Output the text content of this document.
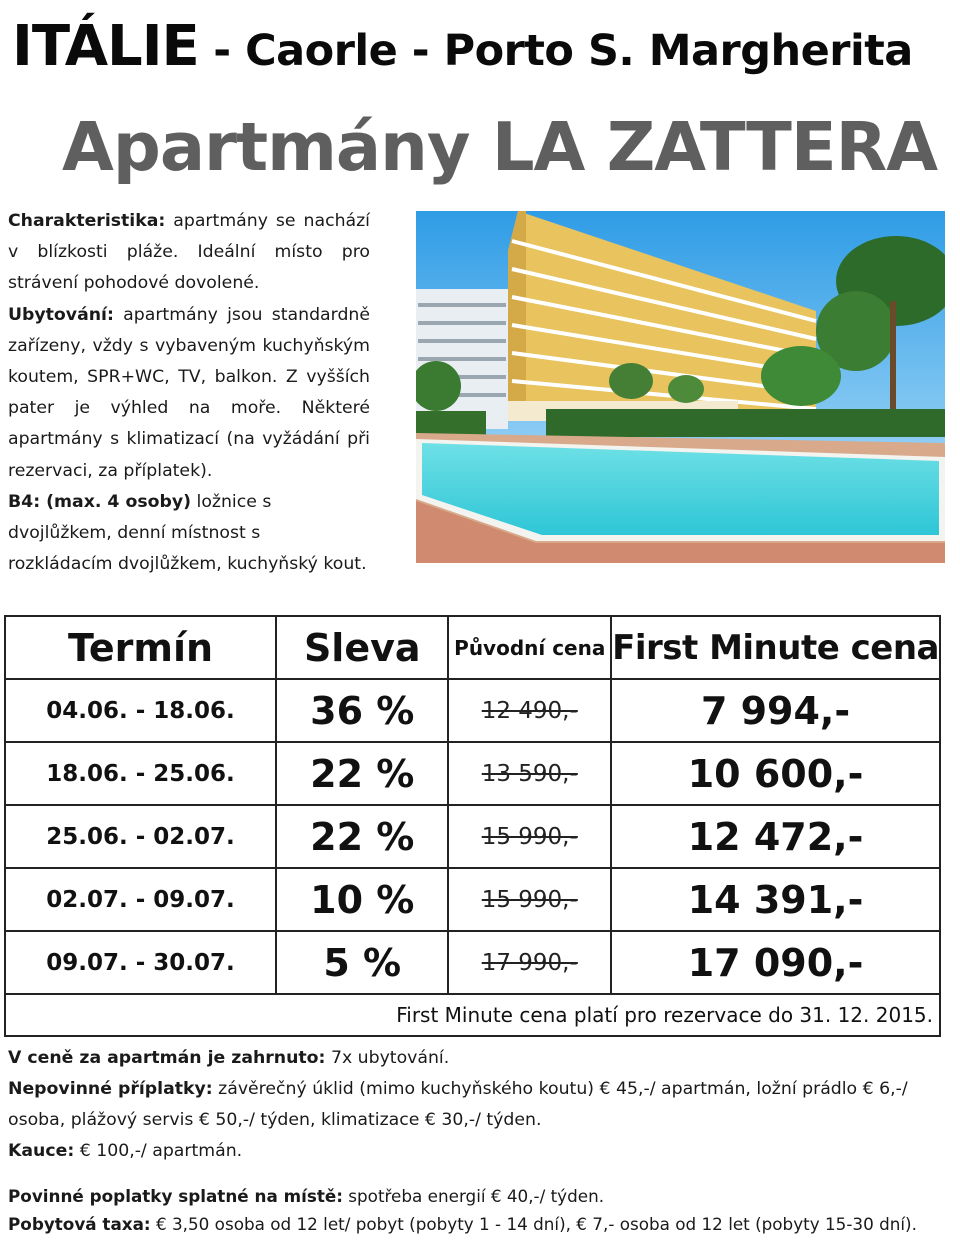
ITÁLIE - Caorle - Porto S. Margherita
Apartmány LA ZATTERA

Charakteristika: apartmány se nachází v blízkosti pláže. Ideální místo pro strávení pohodové dovolené.

Ubytování: apartmány jsou standardně zařízeny, vždy s vybaveným kuchyňským koutem, SPR+WC, TV, balkon. Z vyšších pater je výhled na moře. Některé apartmány s klimatizací (na vyžádání při rezervaci, za příplatek).

B4: (max. 4 osoby) ložnice s dvojlůžkem, denní místnost s rozkládacím dvojlůžkem, kuchyňský kout.

Termín	Sleva	Původní cena	First Minute cena
04.06. - 18.06.	36 %	12 490,-	7 994,-
18.06. - 25.06.	22 %	13 590,-	10 600,-
25.06. - 02.07.	22 %	15 990,-	12 472,-
02.07. - 09.07.	10 %	15 990,-	14 391,-
09.07. - 30.07.	5 %	17 990,-	17 090,-
First Minute cena platí pro rezervace do 31. 12. 2015.			

V ceně za apartmán je zahrnuto: 7x ubytování.

Nepovinné příplatky: závěrečný úklid (mimo kuchyňského koutu) € 45,-/ apartmán, ložní prádlo € 6,-/ osoba, plážový servis € 50,-/ týden, klimatizace € 30,-/ týden.

Kauce: € 100,-/ apartmán.

Povinné poplatky splatné na místě: spotřeba energií € 40,-/ týden.

Pobytová taxa: € 3,50 osoba od 12 let/ pobyt (pobyty 1 - 14 dní), € 7,- osoba od 12 let (pobyty 15-30 dní).
